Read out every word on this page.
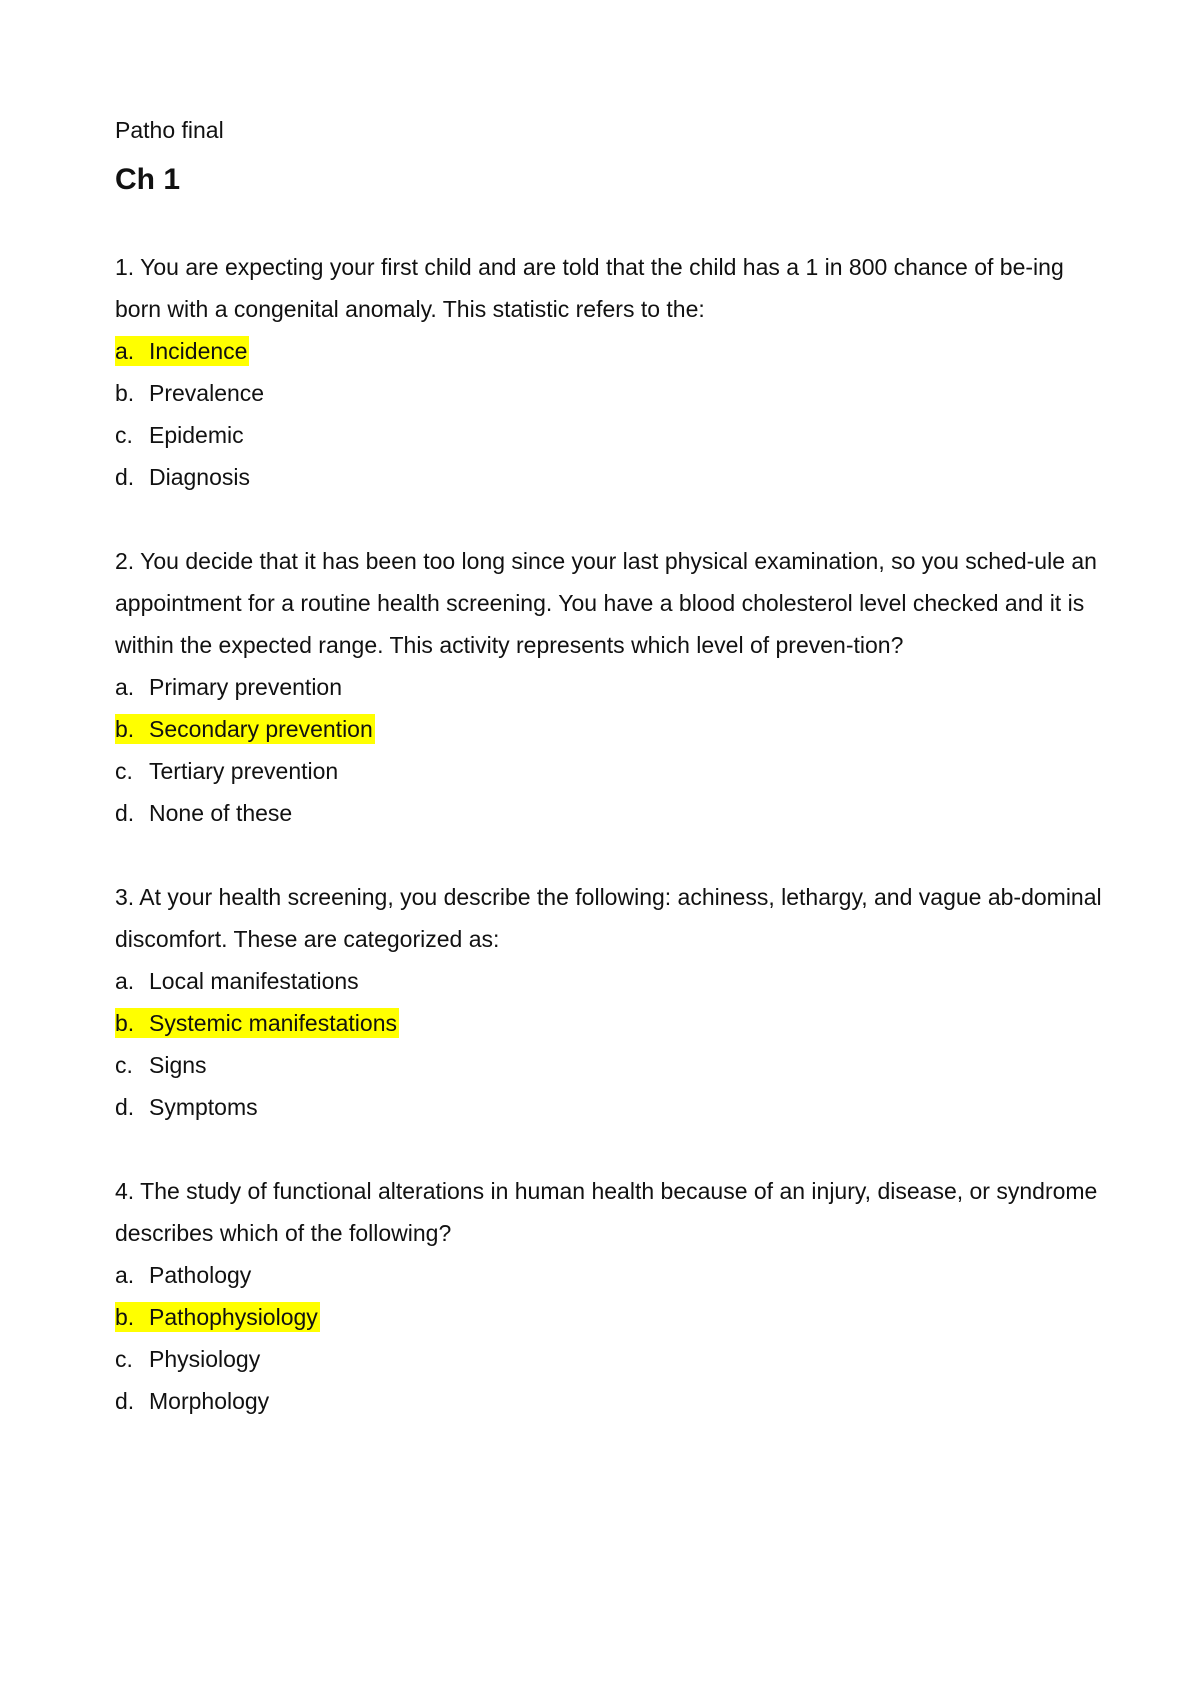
Patho final

Ch 1

1. You are expecting your first child and are told that the child has a 1 in 800 chance of be-ing born with a congenital anomaly. This statistic refers to the:

a. Incidence
b. Prevalence
c. Epidemic
d. Diagnosis

2. You decide that it has been too long since your last physical examination, so you sched-ule an appointment for a routine health screening. You have a blood cholesterol level checked and it is within the expected range. This activity represents which level of preven-tion?

a. Primary prevention
b. Secondary prevention
c. Tertiary prevention
d. None of these

3. At your health screening, you describe the following: achiness, lethargy, and vague ab-dominal discomfort. These are categorized as:

a. Local manifestations
b. Systemic manifestations
c. Signs
d. Symptoms

4. The study of functional alterations in human health because of an injury, disease, or syndrome describes which of the following?

a. Pathology
b. Pathophysiology
c. Physiology
d. Morphology
